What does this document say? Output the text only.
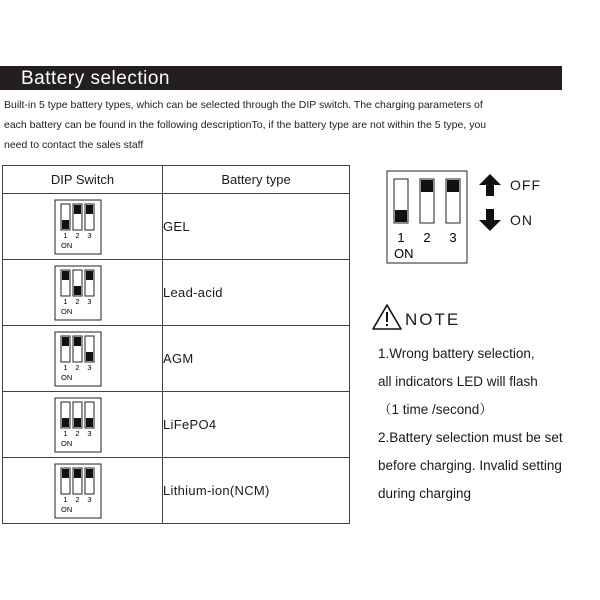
Battery selection
Built-in 5 type battery types, which can be selected through the DIP switch. The charging parameters of
each battery can be found in the following descriptionTo, if the battery type are not within the 5 type, you
need to contact the sales staff
DIP Switch	Battery type

1 2 3
ON	GEL

1 2 3
ON	Lead-acid

1 2 3
ON	AGM

1 2 3
ON	LiFePO4

1 2 3
ON	Lithium-ion(NCM)
1 2 3
ON
OFF
ON
NOTE
1.Wrong battery selection,
all indicators LED will flash
（1 time /second）
2.Battery selection must be set
before charging. Invalid setting
during charging
